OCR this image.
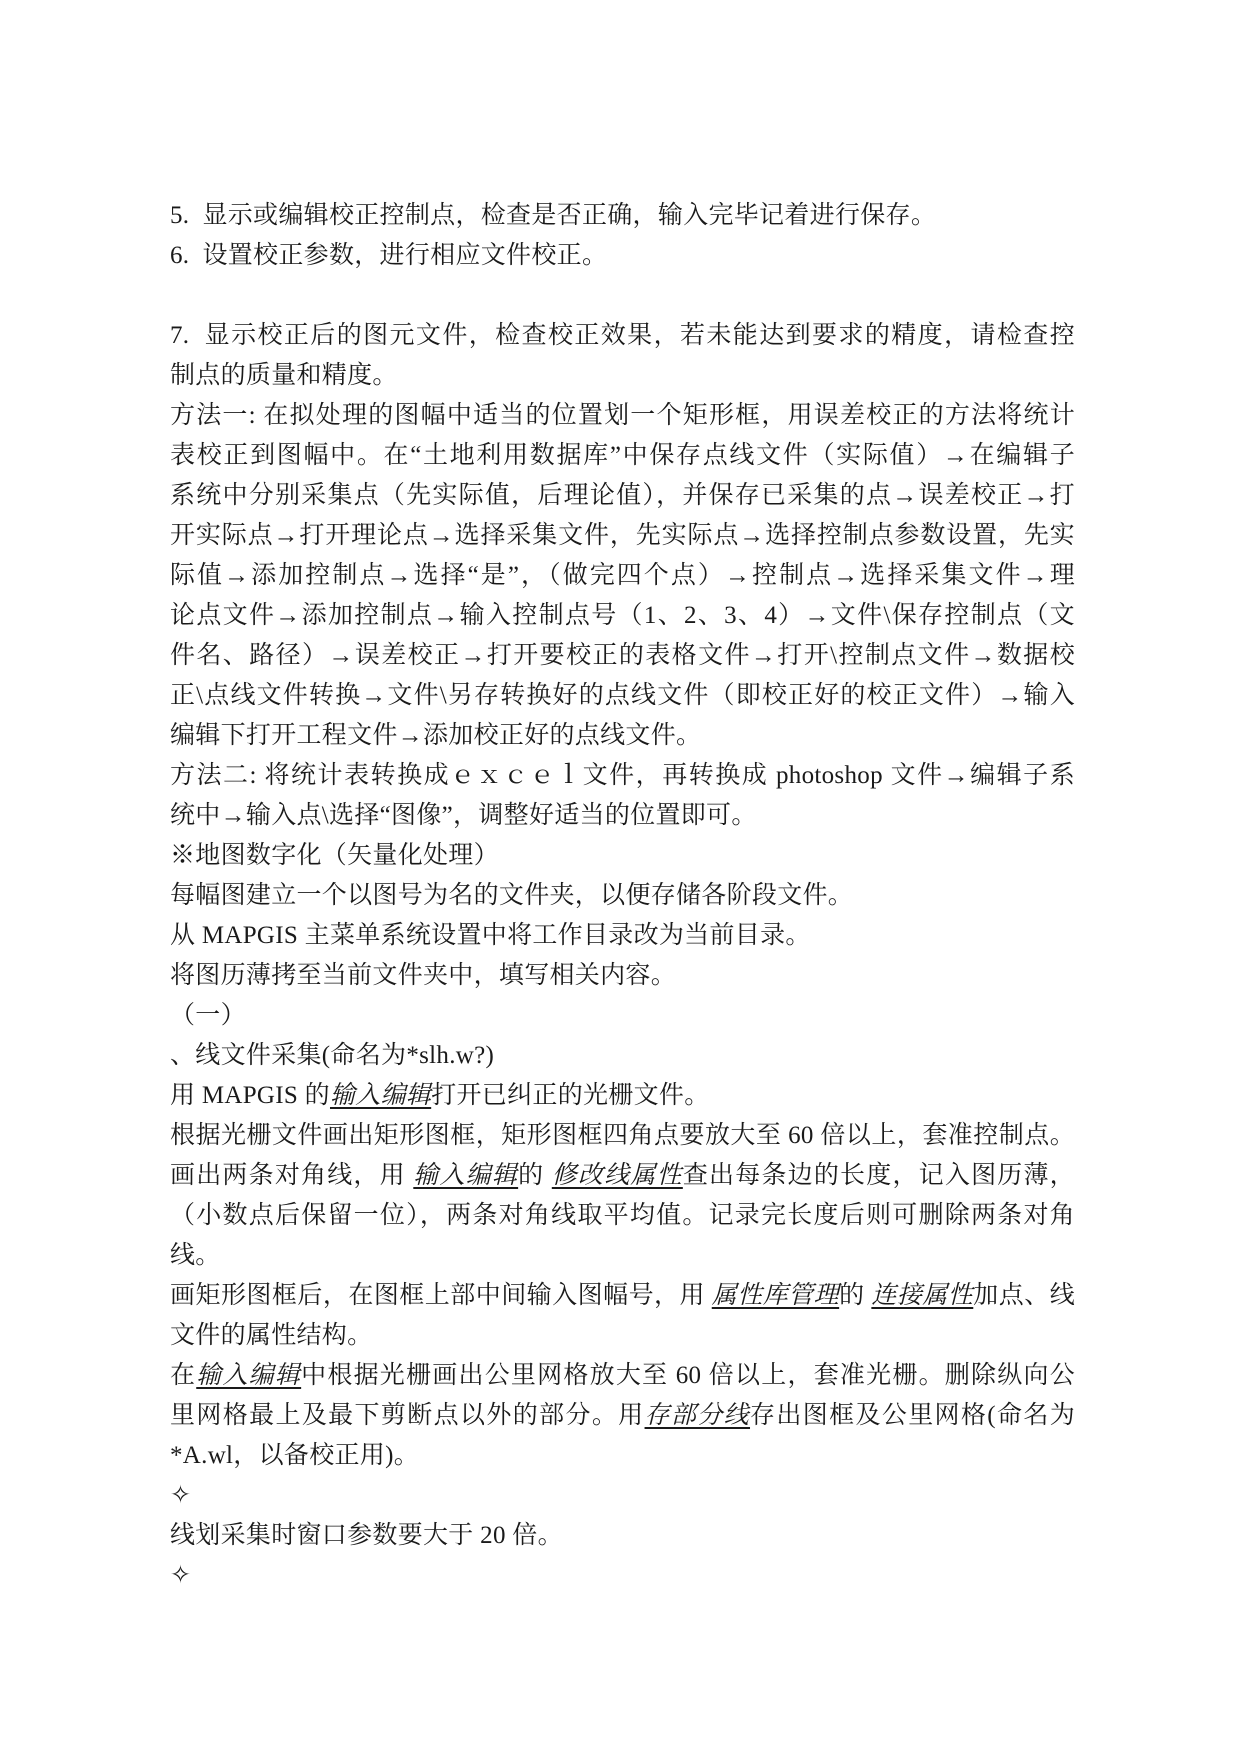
5.  显示或编辑校正控制点，检查是否正确，输入完毕记着进行保存。
6.  设置校正参数，进行相应文件校正。
7.  显示校正后的图元文件，检查校正效果，若未能达到要求的精度，请检查控
制点的质量和精度。
方法一: 在拟处理的图幅中适当的位置划一个矩形框，用误差校正的方法将统计
表校正到图幅中。在“土地利用数据库”中保存点线文件（实际值）→在编辑子
系统中分别采集点（先实际值，后理论值），并保存已采集的点→误差校正→打
开实际点→打开理论点→选择采集文件，先实际点→选择控制点参数设置，先实
际值→添加控制点→选择“是”，（做完四个点）→控制点→选择采集文件→理
论点文件→添加控制点→输入控制点号（1、2、3、4）→文件\保存控制点（文
件名、路径）→误差校正→打开要校正的表格文件→打开\控制点文件→数据校
正\点线文件转换→文件\另存转换好的点线文件（即校正好的校正文件）→输入
编辑下打开工程文件→添加校正好的点线文件。
方法二: 将统计表转换成ｅｘｃｅｌ文件，再转换成 photoshop 文件→编辑子系
统中→输入点\选择“图像”，调整好适当的位置即可。
※地图数字化（矢量化处理）
每幅图建立一个以图号为名的文件夹，以便存储各阶段文件。
从 MAPGIS 主菜单系统设置中将工作目录改为当前目录。
将图历薄拷至当前文件夹中，填写相关内容。
（一）
、线文件采集(命名为*slh.w?)
用 MAPGIS 的输入编辑打开已纠正的光栅文件。
根据光栅文件画出矩形图框，矩形图框四角点要放大至 60 倍以上，套准控制点。
画出两条对角线，用 输入编辑的 修改线属性查出每条边的长度，记入图历薄，
（小数点后保留一位），两条对角线取平均值。记录完长度后则可删除两条对角
线。
画矩形图框后，在图框上部中间输入图幅号，用 属性库管理的 连接属性加点、线
文件的属性结构。
在输入编辑中根据光栅画出公里网格放大至 60 倍以上，套准光栅。删除纵向公
里网格最上及最下剪断点以外的部分。用存部分线存出图框及公里网格(命名为
*A.wl，以备校正用)。
✧
线划采集时窗口参数要大于 20 倍。
✧
